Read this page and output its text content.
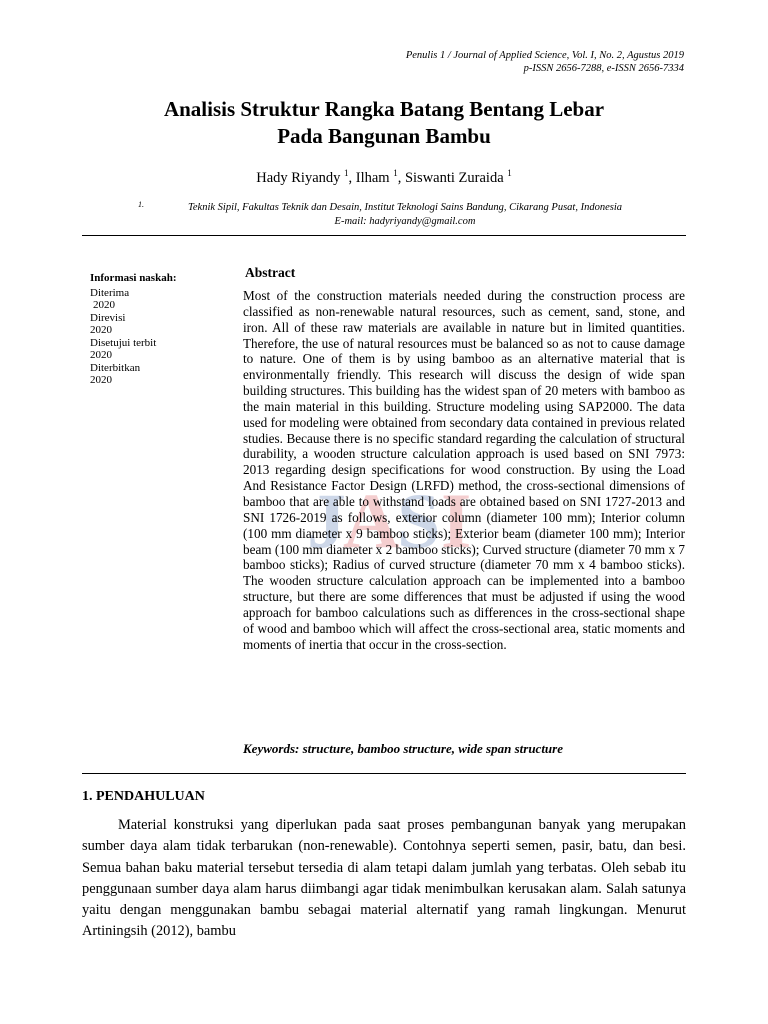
Penulis 1 / Journal of Applied Science, Vol. I, No. 2, Agustus 2019
p-ISSN 2656-7288, e-ISSN 2656-7334
Analisis Struktur Rangka Batang Bentang Lebar
Pada Bangunan Bambu
Hady Riyandy $^1$, Ilham $^1$, Siswanti Zuraida $^1$
1.	Teknik Sipil, Fakultas Teknik dan Desain, Institut Teknologi Sains Bandung, Cikarang Pusat, Indonesia
E-mail: hadyriyandy@gmail.com
Informasi naskah:
Diterima
2020
Direvisi
2020
Disetujui terbit
2020
Diterbitkan
2020
J
A
S I
Abstract

Most of the construction materials needed during the construction process are classified as non-renewable natural resources, such as cement, sand, stone, and iron. All of these raw materials are available in nature but in limited quantities. Therefore, the use of natural resources must be balanced so as not to cause damage to nature. One of them is by using bamboo as an alternative material that is environmentally friendly. This research will discuss the design of wide span building structures. This building has the widest span of 20 meters with bamboo as the main material in this building. Structure modeling using SAP2000. The data used for modeling were obtained from secondary data contained in previous related studies. Because there is no specific standard regarding the calculation of structural durability, a wooden structure calculation approach is used based on SNI 7973: 2013 regarding design specifications for wood construction. By using the Load And Resistance Factor Design (LRFD) method, the cross-sectional dimensions of bamboo that are able to withstand loads are obtained based on SNI 1727-2013 and SNI 1726-2019 as follows, exterior column (diameter 100 mm); Interior column (100 mm diameter x 9 bamboo sticks); Exterior beam (diameter 100 mm); Interior beam (100 mm diameter x 2 bamboo sticks); Curved structure (diameter 70 mm x 7 bamboo sticks); Radius of curved structure (diameter 70 mm x 4 bamboo sticks). The wooden structure calculation approach can be implemented into a bamboo structure, but there are some differences that must be adjusted if using the wood approach for bamboo calculations such as differences in the cross-sectional shape of wood and bamboo which will affect the cross-sectional area, static moments and moments of inertia that occur in the cross-section.

Keywords: structure, bamboo structure, wide span structure
1. PENDAHULUAN

Material konstruksi yang diperlukan pada saat proses pembangunan banyak yang merupakan sumber daya alam tidak terbarukan (non-renewable). Contohnya seperti semen, pasir, batu, dan besi. Semua bahan baku material tersebut tersedia di alam tetapi dalam jumlah yang terbatas. Oleh sebab itu penggunaan sumber daya alam harus diimbangi agar tidak menimbulkan kerusakan alam. Salah satunya yaitu dengan menggunakan bambu sebagai material alternatif yang ramah lingkungan. Menurut Artiningsih (2012), bambu
